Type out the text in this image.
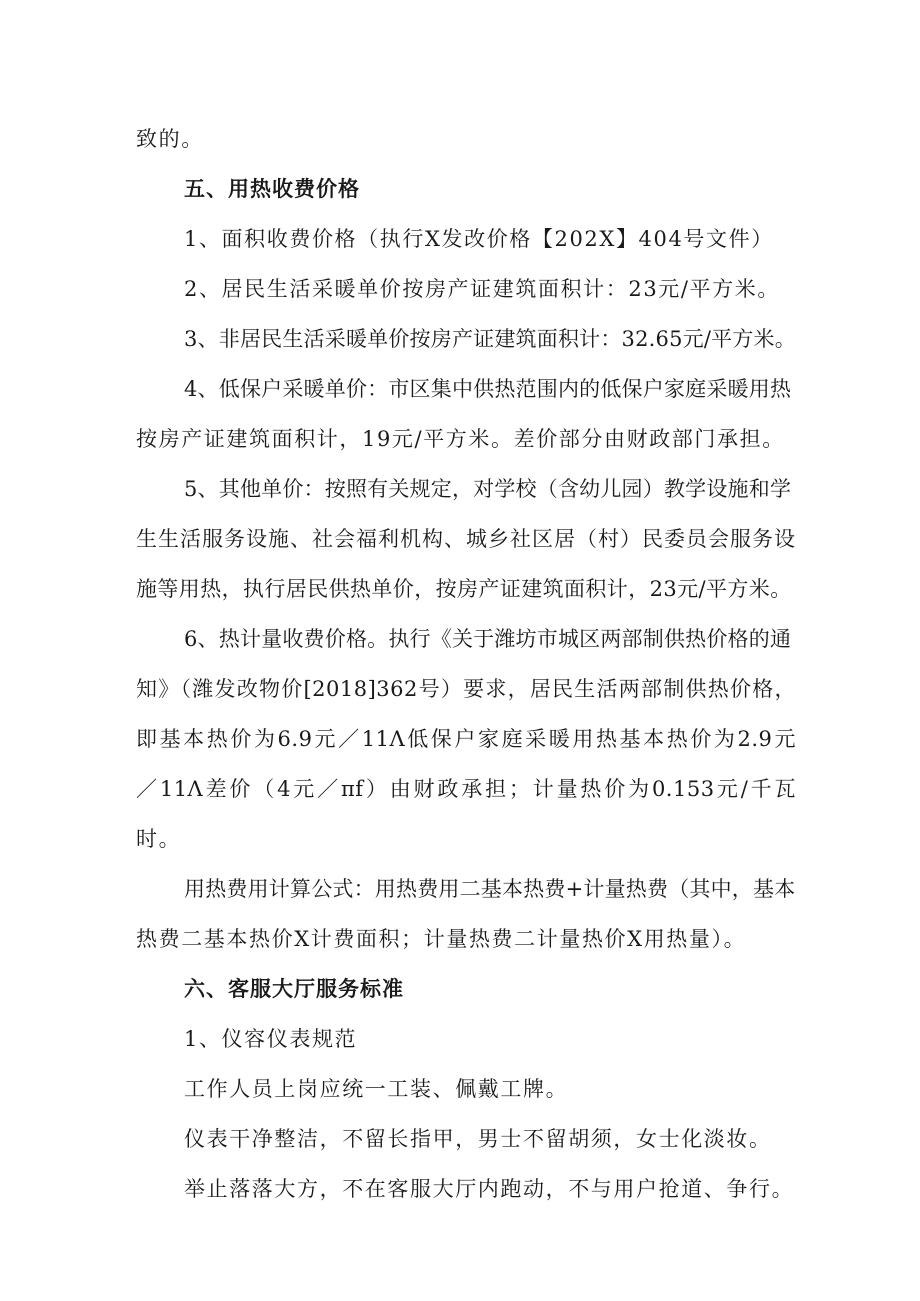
致的。
五、用热收费价格
1、面积收费价格（执行X发改价格【202X】404号文件）
2、居民生活采暖单价按房产证建筑面积计：23元/平方米。
3、非居民生活采暖单价按房产证建筑面积计：32.65元/平方米。
4、低保户采暖单价：市区集中供热范围内的低保户家庭采暖用热
按房产证建筑面积计，19元/平方米。差价部分由财政部门承担。
5、其他单价：按照有关规定，对学校（含幼儿园）教学设施和学
生生活服务设施、社会福利机构、城乡社区居（村）民委员会服务设
施等用热，执行居民供热单价，按房产证建筑面积计，23元/平方米。
6、热计量收费价格。执行《关于潍坊市城区两部制供热价格的通
知》（潍发改物价[2018]362号）要求，居民生活两部制供热价格，
即基本热价为6.9元／11Λ低保户家庭采暖用热基本热价为2.9元
／11Λ差价（4元／πf）由财政承担；计量热价为0.153元/千瓦
时。
用热费用计算公式：用热费用二基本热费+计量热费（其中，基本
热费二基本热价X计费面积；计量热费二计量热价X用热量）。
六、客服大厅服务标准
1、仪容仪表规范
工作人员上岗应统一工装、佩戴工牌。
仪表干净整洁，不留长指甲，男士不留胡须，女士化淡妆。
举止落落大方，不在客服大厅内跑动，不与用户抢道、争行。
